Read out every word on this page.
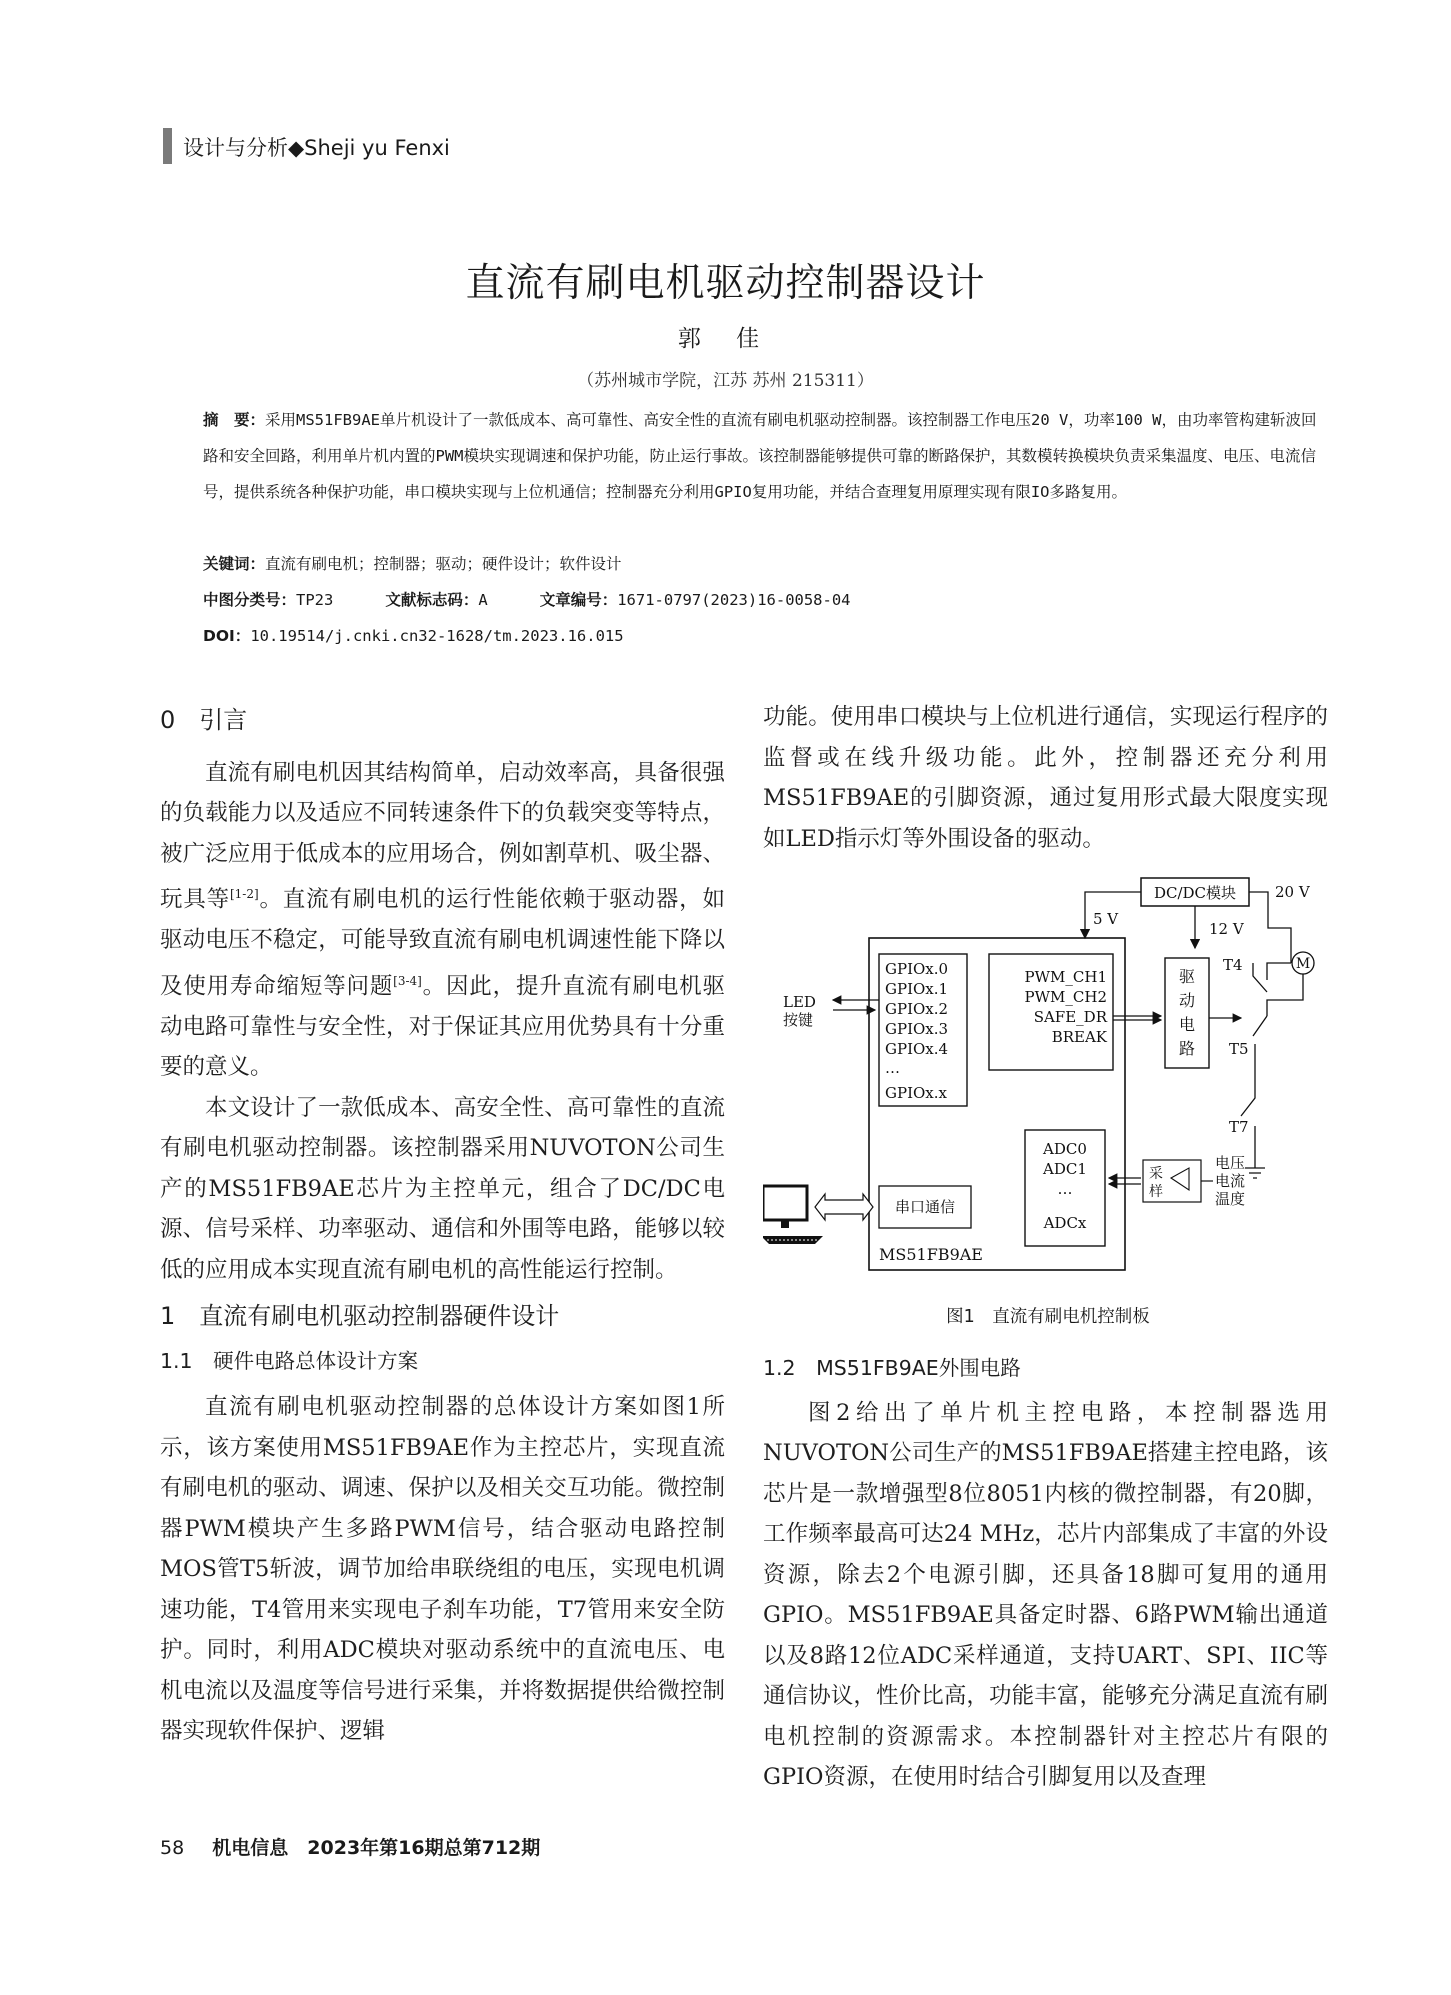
设计与分析◆Sheji yu Fenxi
直流有刷电机驱动控制器设计
郭 佳
（苏州城市学院，江苏 苏州 215311）
摘　要：采用MS51FB9AE单片机设计了一款低成本、高可靠性、高安全性的直流有刷电机驱动控制器。该控制器工作电压20 V，功率100 W，由功率管构建斩波回路和安全回路，利用单片机内置的PWM模块实现调速和保护功能，防止运行事故。该控制器能够提供可靠的断路保护，其数模转换模块负责采集温度、电压、电流信号，提供系统各种保护功能，串口模块实现与上位机通信；控制器充分利用GPIO复用功能，并结合查理复用原理实现有限IO多路复用。
关键词：直流有刷电机；控制器；驱动；硬件设计；软件设计
中图分类号：TP23	文献标志码：A	文章编号：1671-0797(2023)16-0058-04
DOI：10.19514/j.cnki.cn32-1628/tm.2023.16.015
0　引言

直流有刷电机因其结构简单，启动效率高，具备很强的负载能力以及适应不同转速条件下的负载突变等特点，被广泛应用于低成本的应用场合，例如割草机、吸尘器、玩具等[1-2]。直流有刷电机的运行性能依赖于驱动器，如驱动电压不稳定，可能导致直流有刷电机调速性能下降以及使用寿命缩短等问题[3-4]。因此，提升直流有刷电机驱动电路可靠性与安全性，对于保证其应用优势具有十分重要的意义。

本文设计了一款低成本、高安全性、高可靠性的直流有刷电机驱动控制器。该控制器采用NUVOTON公司生产的MS51FB9AE芯片为主控单元，组合了DC/DC电源、信号采样、功率驱动、通信和外围等电路，能够以较低的应用成本实现直流有刷电机的高性能运行控制。

1　直流有刷电机驱动控制器硬件设计
1.1　硬件电路总体设计方案

直流有刷电机驱动控制器的总体设计方案如图1所示，该方案使用MS51FB9AE作为主控芯片，实现直流有刷电机的驱动、调速、保护以及相关交互功能。微控制器PWM模块产生多路PWM信号，结合驱动电路控制MOS管T5斩波，调节加给串联绕组的电压，实现电机调速功能，T4管用来实现电子刹车功能，T7管用来安全防护。同时，利用ADC模块对驱动系统中的直流电压、电机电流以及温度等信号进行采集，并将数据提供给微控制器实现软件保护、逻辑

功能。使用串口模块与上位机进行通信，实现运行程序的监督或在线升级功能。此外，控制器还充分利用MS51FB9AE的引脚资源，通过复用形式最大限度实现如LED指示灯等外围设备的驱动。

DC/DC模块	20 V
5 V
12 V
MS51FB9AE
GPIOx.0
GPIOx.1
GPIOx.2
GPIOx.3
GPIOx.4
…
GPIOx.x
PWM_CH1
PWM_CH2
SAFE_DR
BREAK
驱
动
电
路
T4	M
T5
T7
LED
按键
ADC0
ADC1
…
ADCx
采
样
电压
电流
温度
串口通信
图1　直流有刷电机控制板
1.2　MS51FB9AE外围电路

图2给出了单片机主控电路，本控制器选用NUVOTON公司生产的MS51FB9AE搭建主控电路，该芯片是一款增强型8位8051内核的微控制器，有20脚，工作频率最高可达24 MHz，芯片内部集成了丰富的外设资源，除去2个电源引脚，还具备18脚可复用的通用GPIO。MS51FB9AE具备定时器、6路PWM输出通道以及8路12位ADC采样通道，支持UART、SPI、IIC等通信协议，性价比高，功能丰富，能够充分满足直流有刷电机控制的资源需求。本控制器针对主控芯片有限的GPIO资源，在使用时结合引脚复用以及查理

58 机电信息　2023年第16期总第712期
